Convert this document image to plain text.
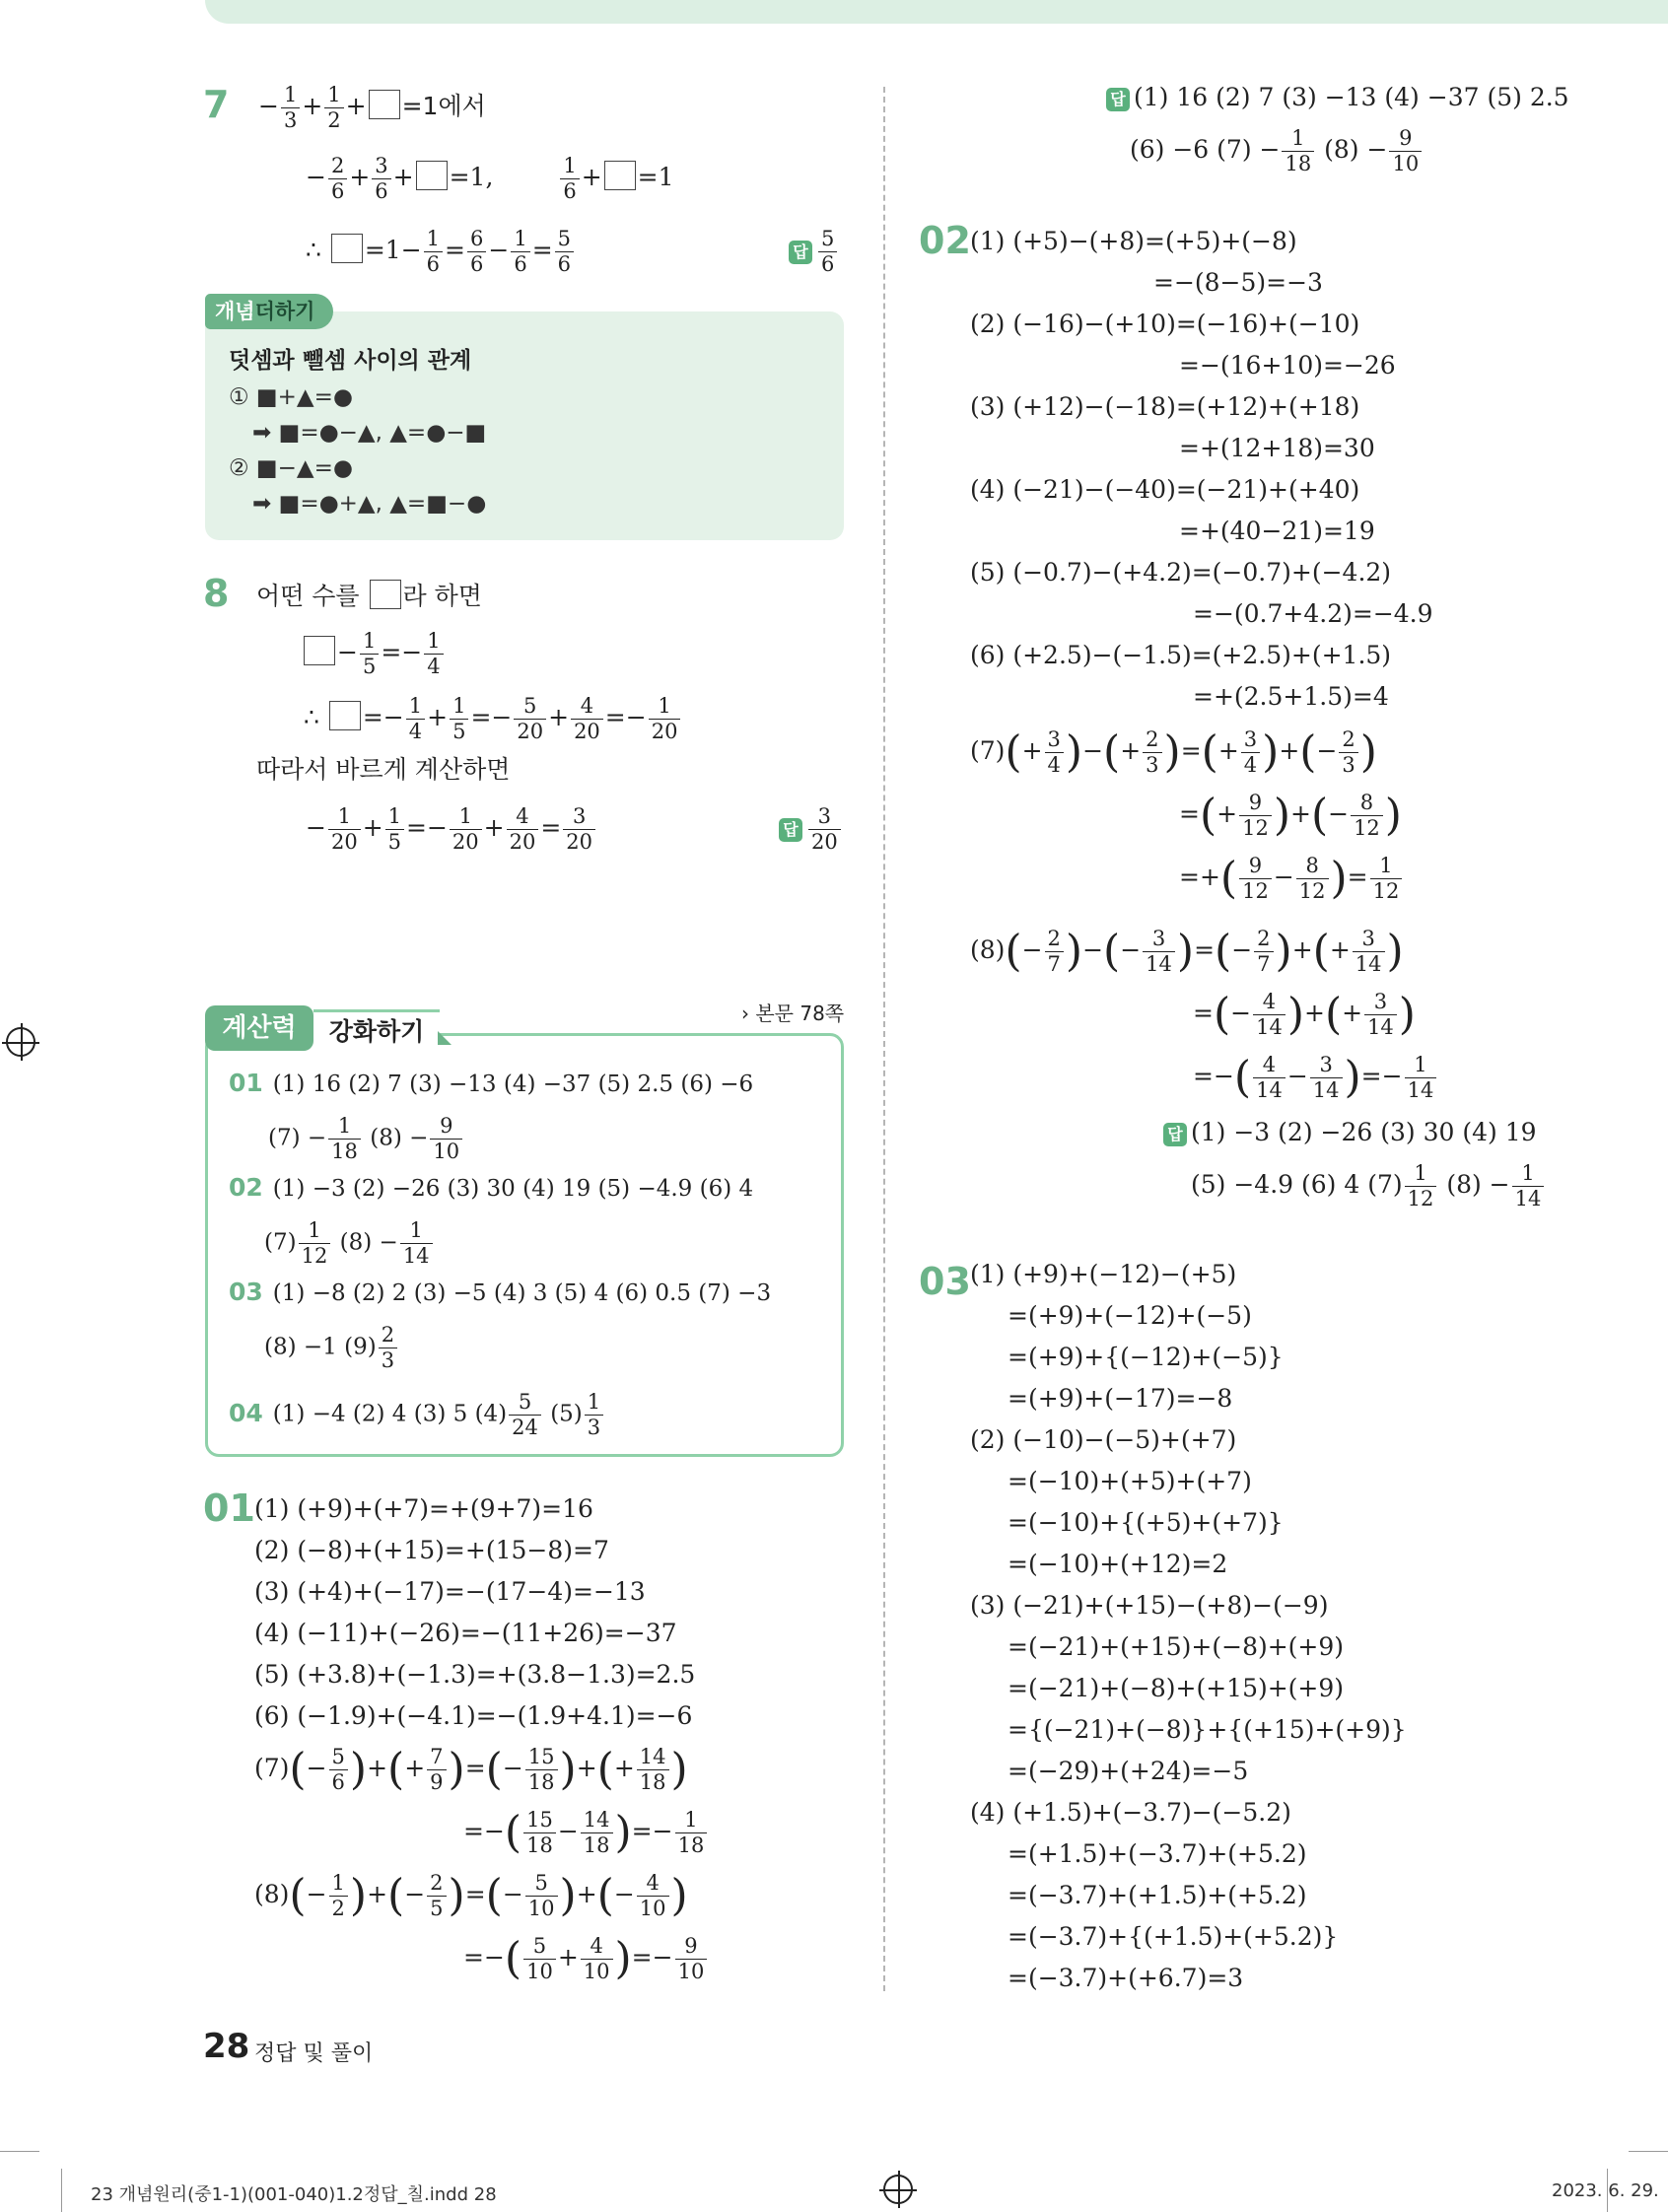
$7 - \frac{1}{3} + \frac{1}{2} + =1$에서
− $\frac{2}{6} + \frac{3}{6} + =1$,	$\frac{1}{6} + =1$
∴ $=1- \frac{1}{6} = \frac{6}{6} - \frac{1}{6} = \frac{5}{6}$	답 $\frac{5}{6}$
개념더하기
덧셈과 뺄셈 사이의 관계
① ■+▲=●
➡ ■=●−▲, ▲=●−■
② ■−▲=●
➡ ■=●+▲, ▲=■−●
8 어떤 수를 라 하면
− $\frac{1}{5} =- \frac{1}{4}$
∴ =− $\frac{1}{4} + \frac{1}{5} =- \frac{5}{20} + \frac{4}{20} =- \frac{1}{20}$
따라서 바르게 계산하면
− $\frac{1}{20} + \frac{1}{5} =- \frac{1}{20} + \frac{4}{20} = \frac{3}{20}$	답 $\frac{3}{20}$
계산력	강화하기
› 본문 78쪽
01 (1) 16 (2) 7 (3) −13 (4) −37 (5) 2.5 (6) −6
$(7) - \frac{1}{18} (8) - \frac{9}{10}$
02 (1) −3 (2) −26 (3) 30 (4) 19 (5) −4.9 (6) 4
$(7) \frac{1}{12} (8) - \frac{1}{14}$
03 (1) −8 (2) 2 (3) −5 (4) 3 (5) 4 (6) 0.5 (7) −3
(8) −1 $(9) \frac{2}{3}$
04 (1) −4 (2) 4 (3) 5 $(4) \frac{5}{24} (5) \frac{1}{3}$
01 (1) (+9)+(+7)=+(9+7)=16
(2) (−8)+(+15)=+(15−8)=7
(3) (+4)+(−17)=−(17−4)=−13
(4) (−11)+(−26)=−(11+26)=−37
(5) (+3.8)+(−1.3)=+(3.8−1.3)=2.5
(6) (−1.9)+(−4.1)=−(1.9+4.1)=−6
$(7)(- \frac{5}{6}$ )+(+ $\frac{7}{9}$ )=(− $\frac{15}{18}$ )+(+ $\frac{14}{18}$ )
=−( $\frac{15}{18} - \frac{14}{18}$ )=− $\frac{1}{18}$
$(8)(- \frac{1}{2}$ )+(− $\frac{2}{5}$ )=(− $\frac{5}{10}$ )+(− $\frac{4}{10}$ )
=−( $\frac{5}{10} + \frac{4}{10}$ )=− $\frac{9}{10}$
답 (1) 16 (2) 7 (3) −13 (4) −37 (5) 2.5
(6) −6 $(7) - \frac{1}{18} (8) - \frac{9}{10}$
02 (1) (+5)−(+8)=(+5)+(−8)
=−(8−5)=−3
(2) (−16)−(+10)=(−16)+(−10)
=−(16+10)=−26
(3) (+12)−(−18)=(+12)+(+18)
=+(12+18)=30
(4) (−21)−(−40)=(−21)+(+40)
=+(40−21)=19
(5) (−0.7)−(+4.2)=(−0.7)+(−4.2)
=−(0.7+4.2)=−4.9
(6) (+2.5)−(−1.5)=(+2.5)+(+1.5)
=+(2.5+1.5)=4
$(7)(+ \frac{3}{4}$ )−(+ $\frac{2}{3}$ )=(+ $\frac{3}{4}$ )+(− $\frac{2}{3}$ )
=(+ $\frac{9}{12}$ )+(− $\frac{8}{12}$ )
=+( $\frac{9}{12} - \frac{8}{12}$ )= $\frac{1}{12}$
$(8)(- \frac{2}{7}$ )−(− $\frac{3}{14}$ )=(− $\frac{2}{7}$ )+(+ $\frac{3}{14}$ )
=(− $\frac{4}{14}$ )+(+ $\frac{3}{14}$ )
=−( $\frac{4}{14} - \frac{3}{14}$ )=− $\frac{1}{14}$
답 (1) −3 (2) −26 (3) 30 (4) 19
(5) −4.9 (6) 4 $(7) \frac{1}{12} (8) - \frac{1}{14}$
03 (1) (+9)+(−12)−(+5)
=(+9)+(−12)+(−5)
=(+9)+{(−12)+(−5)}
=(+9)+(−17)=−8
(2) (−10)−(−5)+(+7)
=(−10)+(+5)+(+7)
=(−10)+{(+5)+(+7)}
=(−10)+(+12)=2
(3) (−21)+(+15)−(+8)−(−9)
=(−21)+(+15)+(−8)+(+9)
=(−21)+(−8)+(+15)+(+9)
={(−21)+(−8)}+{(+15)+(+9)}
=(−29)+(+24)=−5
(4) (+1.5)+(−3.7)−(−5.2)
=(+1.5)+(−3.7)+(+5.2)
=(−3.7)+(+1.5)+(+5.2)
=(−3.7)+{(+1.5)+(+5.2)}
=(−3.7)+(+6.7)=3
28 정답 및 풀이
23 개념원리(중1-1)(001-040)1.2정답_칠.indd 28	2023. 6. 29.
